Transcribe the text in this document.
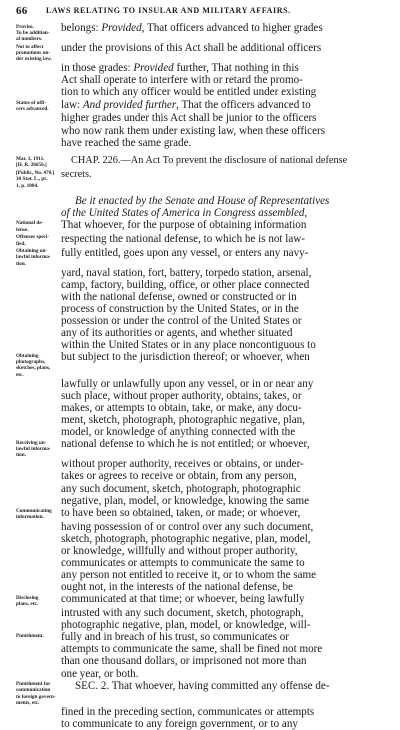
66 LAWS RELATING TO INSULAR AND MILITARY AFFAIRS.
Proviso.
To be addition-
al numbers.
belongs: Provided, That officers advanced to higher grades
Not to affect
promotions un-
der existing law.
under the provisions of this Act shall be additional officers
in those grades: Provided further, That nothing in this
Act shall operate to interfere with or retard the promo-
tion to which any officer would be entitled under existing
Status of offi-
cers advanced.	law: And provided further, That the officers advanced to
higher grades under this Act shall be junior to the officers
who now rank them under existing law, when these officers
have reached the same grade.
Mar. 3, 1911.
[H. R. 26656.]	CHAP. 226.—An Act To prevent the disclosure of national defense
[Public, No. 470.]
36 Stat. L., pt.
1, p. 1084.
secrets.
Be it enacted by the Senate and House of Representatives
of the United States of America in Congress assembled,
National de-
fense.	That whoever, for the purpose of obtaining information
Offenses speci-
fied.	respecting the national defense, to which he is not law-
Obtaining un-
lawful informa-
tion.
fully entitled, goes upon any vessel, or enters any navy-
yard, naval station, fort, battery, torpedo station, arsenal,
camp, factory, building, office, or other place connected
with the national defense, owned or constructed or in
process of construction by the United States, or in the
possession or under the control of the United States or
any of its authorities or agents, and whether situated
within the United States or in any place noncontiguous to
Obtaining
photographs,
sketches, plans,
etc.
but subject to the jurisdiction thereof; or whoever, when
lawfully or unlawfully upon any vessel, or in or near any
such place, without proper authority, obtains, takes, or
makes, or attempts to obtain, take, or make, any docu-
ment, sketch, photograph, photographic negative, plan,
model, or knowledge of anything connected with the
Receiving un-
lawful informa-
tion.
national defense to which he is not entitled; or whoever,
without proper authority, receives or obtains, or under-
takes or agrees to receive or obtain, from any person,
any such document, sketch, photograph, photographic
negative, plan, model, or knowledge, knowing the same
Communicating
information.	to have been so obtained, taken, or made; or whoever,
having possession of or control over any such document,
sketch, photograph, photographic negative, plan, model,
or knowledge, willfully and without proper authority,
communicates or attempts to communicate the same to
any person not entitled to receive it, or to whom the same
ought not, in the interests of the national defense, be
Disclosing
plans, etc.	communicated at that time; or whoever, being lawfully
intrusted with any such document, sketch, photograph,
photographic negative, plan, model, or knowledge, will-
Punishment.	fully and in breach of his trust, so communicates or
attempts to communicate the same, shall be fined not more
than one thousand dollars, or imprisoned not more than
one year, or both.
Punishment for
communication
to foreign govern-
ments, etc.
SEC. 2. That whoever, having committed any offense de-
fined in the preceding section, communicates or attempts
to communicate to any foreign government, or to any
